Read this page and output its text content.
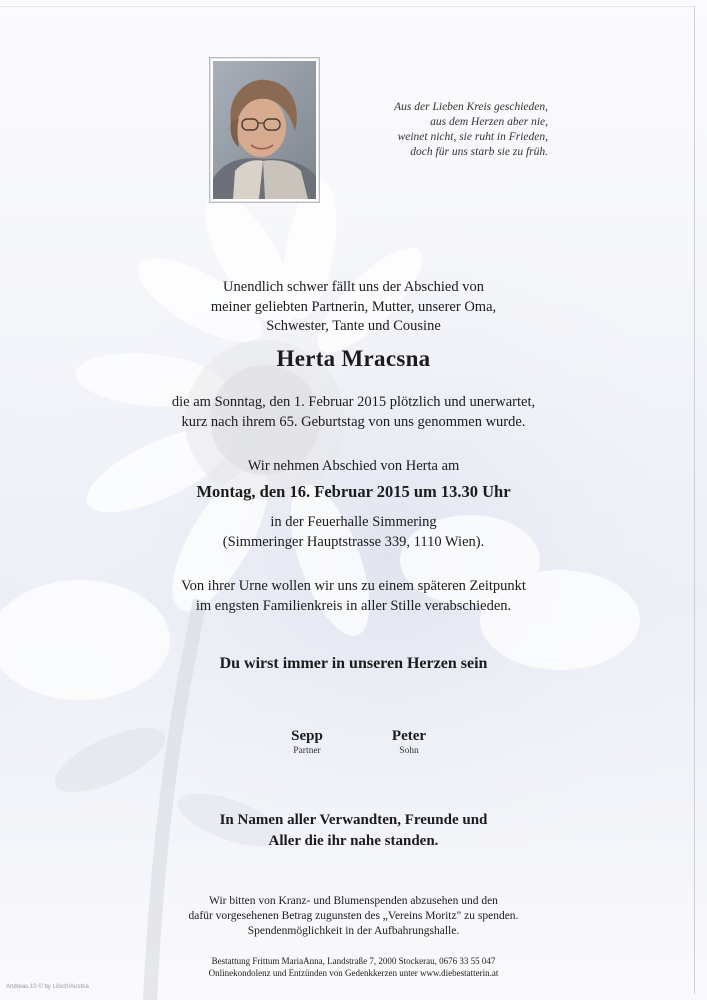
Aus der Lieben Kreis geschieden,
aus dem Herzen aber nie,
weinet nicht, sie ruht in Frieden,
doch für uns starb sie zu früh.
Unendlich schwer fällt uns der Abschied von
meiner geliebten Partnerin, Mutter, unserer Oma,
Schwester, Tante und Cousine
Herta Mracsna
die am Sonntag, den 1. Februar 2015 plötzlich und unerwartet,
kurz nach ihrem 65. Geburtstag von uns genommen wurde.
Wir nehmen Abschied von Herta am
Montag, den 16. Februar 2015 um 13.30 Uhr
in der Feuerhalle Simmering
(Simmeringer Hauptstrasse 339, 1110 Wien).
Von ihrer Urne wollen wir uns zu einem späteren Zeitpunkt
im engsten Familienkreis in aller Stille verabschieden.
Du wirst immer in unseren Herzen sein
Sepp
Partner
Peter
Sohn
In Namen aller Verwandten, Freunde und
Aller die ihr nahe standen.
Wir bitten von Kranz- und Blumenspenden abzusehen und den
dafür vorgesehenen Betrag zugunsten des „Vereins Moritz" zu spenden.
Spendenmöglichkeit in der Aufbahrungshalle.
Bestattung Frittum MariaAnna, Landstraße 7, 2000 Stockerau, 0676 33 55 047
Onlinekondolenz und Entzünden von Gedenkkerzen unter www.diebestatterin.at
Andreas 10 © by Lösch/Austria
